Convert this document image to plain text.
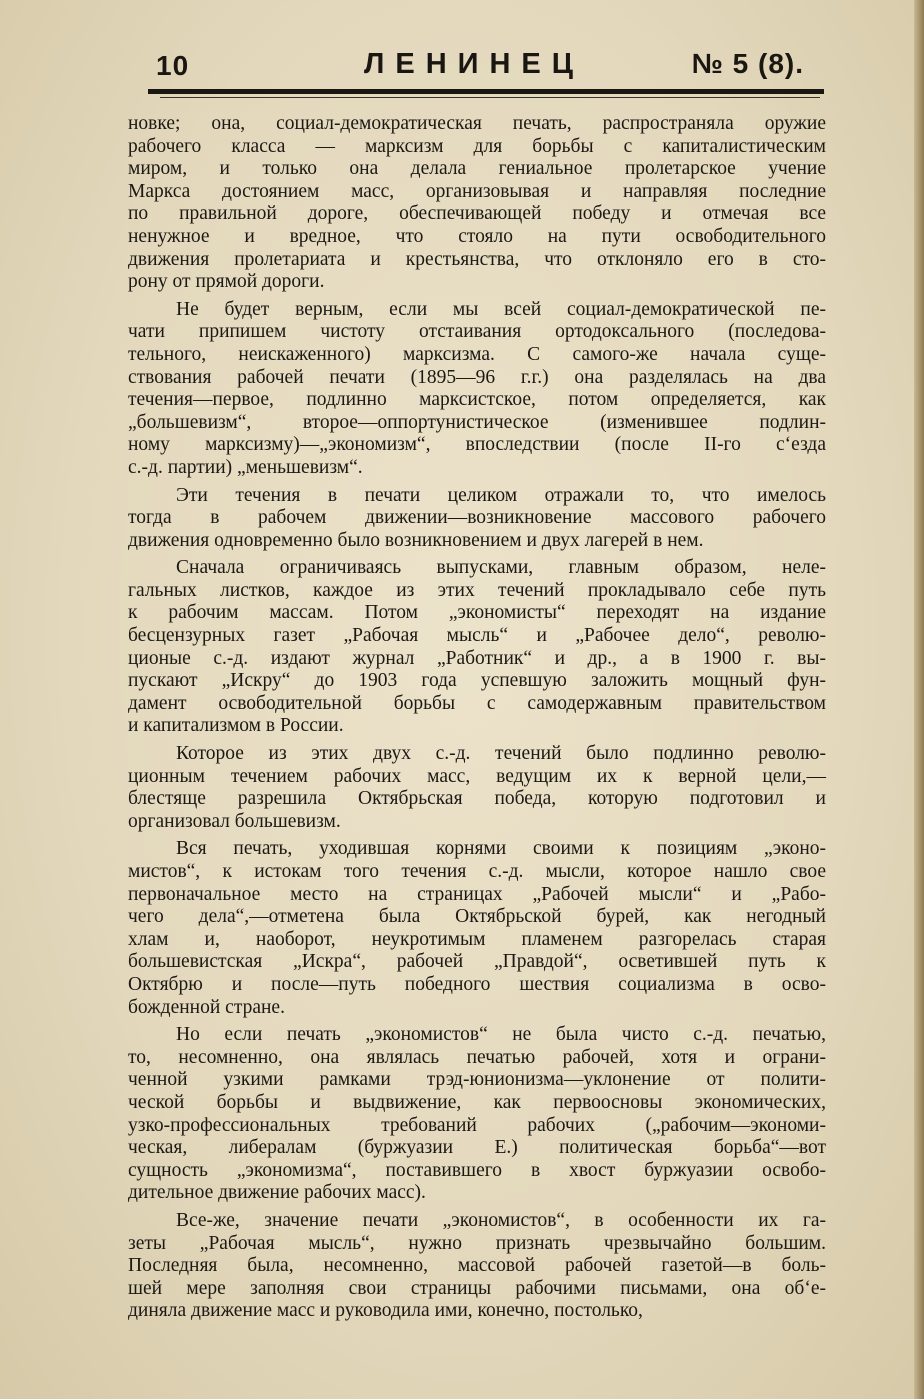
10	ЛЕНИНЕЦ	№ 5 (8).

новке; она, социал-демократическая печать, распространяла оружие
рабочего класса — марксизм для борьбы с капиталистическим
миром, и только она делала гениальное пролетарское учение
Маркса достоянием масс, организовывая и направляя последние
по правильной дороге, обеспечивающей победу и отмечая все
ненужное и вредное, что стояло на пути освободительного
движения пролетариата и крестьянства, что отклоняло его в сто-
рону от прямой дороги.

Не будет верным, если мы всей социал-демократической пе-
чати припишем чистоту отстаивания ортодоксального (последова-
тельного, неискаженного) марксизма. С самого-же начала суще-
ствования рабочей печати (1895—96 г.г.) она разделялась на два
течения—первое, подлинно марксистское, потом определяется, как
„большевизм“, второе—оппортунистическое (изменившее подлин-
ному марксизму)—„экономизм“, впоследствии (после II-го с‘езда
с.-д. партии) „меньшевизм“.

Эти течения в печати целиком отражали то, что имелось
тогда в рабочем движении—возникновение массового рабочего
движения одновременно было возникновением и двух лагерей в нем.

Сначала ограничиваясь выпусками, главным образом, неле-
гальных листков, каждое из этих течений прокладывало себе путь
к рабочим массам. Потом „экономисты“ переходят на издание
бесцензурных газет „Рабочая мысль“ и „Рабочее дело“, револю-
ционые с.-д. издают журнал „Работник“ и др., а в 1900 г. вы-
пускают „Искру“ до 1903 года успевшую заложить мощный фун-
дамент освободительной борьбы с самодержавным правительством
и капитализмом в России.

Которое из этих двух с.-д. течений было подлинно револю-
ционным течением рабочих масс, ведущим их к верной цели,—
блестяще разрешила Октябрьская победа, которую подготовил и
организовал большевизм.

Вся печать, уходившая корнями своими к позициям „эконо-
мистов“, к истокам того течения с.-д. мысли, которое нашло свое
первоначальное место на страницах „Рабочей мысли“ и „Рабо-
чего дела“,—отметена была Октябрьской бурей, как негодный
хлам и, наоборот, неукротимым пламенем разгорелась старая
большевистская „Искра“, рабочей „Правдой“, осветившей путь к
Октябрю и после—путь победного шествия социализма в осво-
божденной стране.

Но если печать „экономистов“ не была чисто с.-д. печатью,
то, несомненно, она являлась печатью рабочей, хотя и ограни-
ченной узкими рамками трэд-юнионизма—уклонение от полити-
ческой борьбы и выдвижение, как первоосновы экономических,
узко-профессиональных требований рабочих („рабочим—экономи-
ческая, либералам (буржуазии Е.) политическая борьба“—вот
сущность „экономизма“, поставившего в хвост буржуазии освобо-
дительное движение рабочих масс).

Все-же, значение печати „экономистов“, в особенности их га-
зеты „Рабочая мысль“, нужно признать чрезвычайно большим.
Последняя была, несомненно, массовой рабочей газетой—в боль-
шей мере заполняя свои страницы рабочими письмами, она об‘е-
диняла движение масс и руководила ими, конечно, постолько,
